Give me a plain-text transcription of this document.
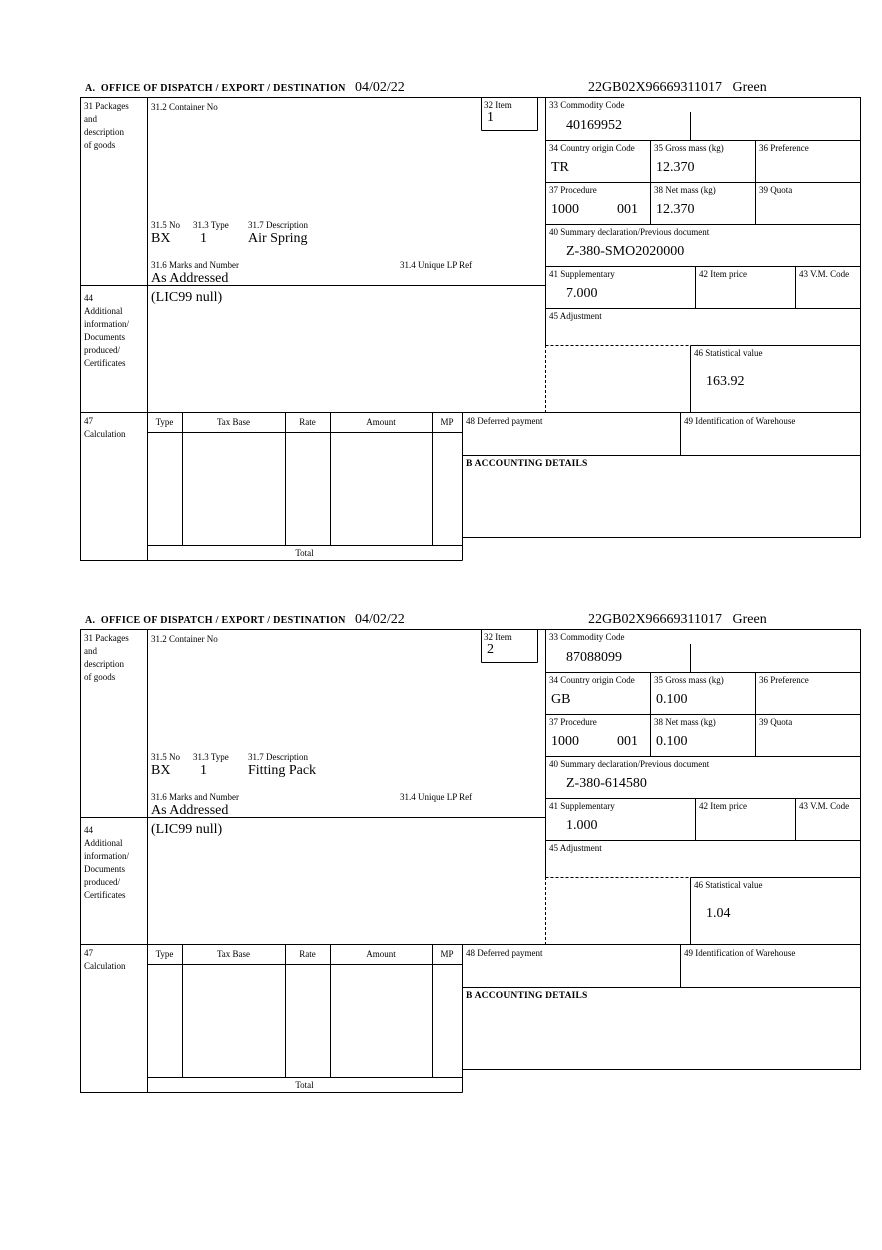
A.  OFFICE OF DISPATCH / EXPORT / DESTINATION 04/02/22	22GB02X96669311017   Green
31 Packages
and
description
of goods
31.2 Container No	32 Item
1
33 Commodity Code
40169952
34 Country origin Code
TR
35 Gross mass (kg)
12.370
36 Preference
37 Procedure
1000	001
38 Net mass (kg)
12.370
39 Quota
40 Summary declaration/Previous document
Z-380-SMO2020000
41 Supplementary
7.000
42 Item price	43 V.M. Code
45 Adjustment
46 Statistical value
163.92
31.5 No 31.3 Type 31.7 Description
BX 1	Air Spring
31.6 Marks and Number	31.4 Unique LP Ref
As Addressed
44
Additional
information/
Documents
produced/
Certificates
(LIC99 null)
47
Calculation
Type	Tax Base	Rate	Amount	MP	48 Deferred payment	49 Identification of Warehouse
B ACCOUNTING DETAILS
Total
A.  OFFICE OF DISPATCH / EXPORT / DESTINATION 04/02/22	22GB02X96669311017   Green
31 Packages
and
description
of goods
31.2 Container No	32 Item
2
33 Commodity Code
87088099
34 Country origin Code
GB
35 Gross mass (kg)
0.100
36 Preference
37 Procedure
1000	001
38 Net mass (kg)
0.100
39 Quota
40 Summary declaration/Previous document
Z-380-614580
41 Supplementary
1.000
42 Item price	43 V.M. Code
45 Adjustment
46 Statistical value
1.04
31.5 No 31.3 Type 31.7 Description
BX 1	Fitting Pack
31.6 Marks and Number	31.4 Unique LP Ref
As Addressed
44
Additional
information/
Documents
produced/
Certificates
(LIC99 null)
47
Calculation
Type	Tax Base	Rate	Amount	MP	48 Deferred payment	49 Identification of Warehouse
B ACCOUNTING DETAILS
Total
